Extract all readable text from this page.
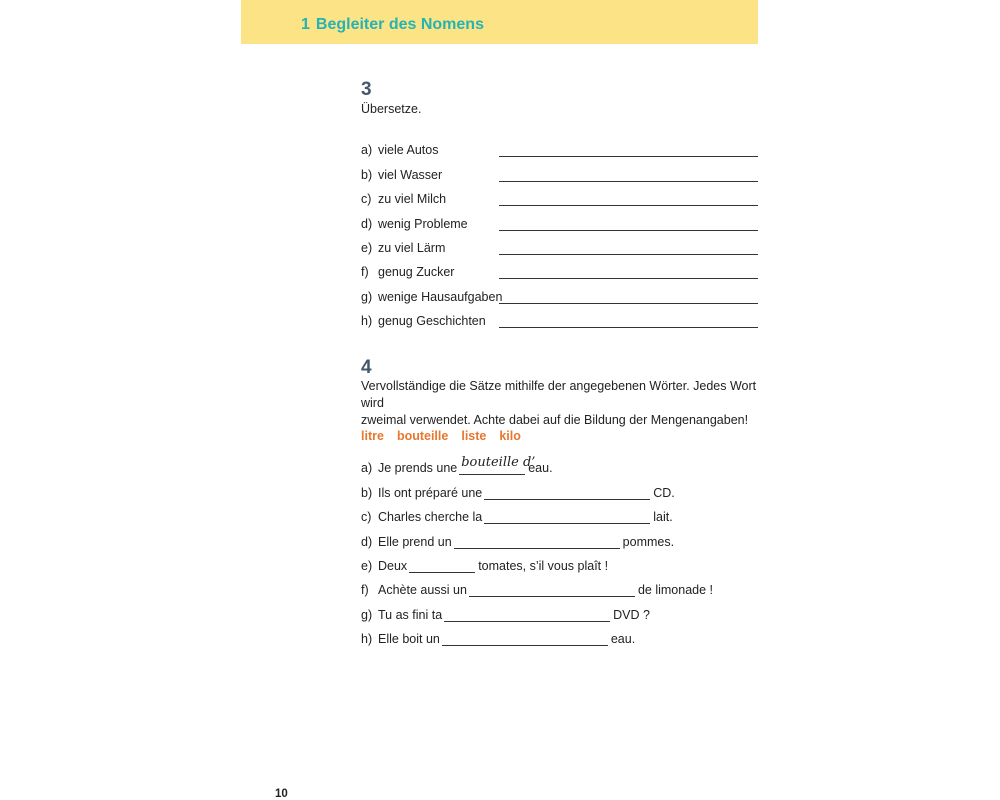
1 Begleiter des Nomens
3
Übersetze.
a) viele Autos
b) viel Wasser
c) zu viel Milch
d) wenig Probleme
e) zu viel Lärm
f) genug Zucker
g) wenige Hausaufgaben
h) genug Geschichten
4
Vervollständige die Sätze mithilfe der angegebenen Wörter. Jedes Wort wird
zweimal verwendet. Achte dabei auf die Bildung der Mengenangaben!
litre bouteille liste kilo
a) Je prends une bouteille d’
eau.
b) Ils ont préparé une	CD.
c) Charles cherche la	lait.
d) Elle prend un	pommes.
e) Deux	tomates, s’il vous plaît !
f) Achète aussi un	de limonade !
g) Tu as fini ta	DVD ?
h) Elle boit un	eau.
10
